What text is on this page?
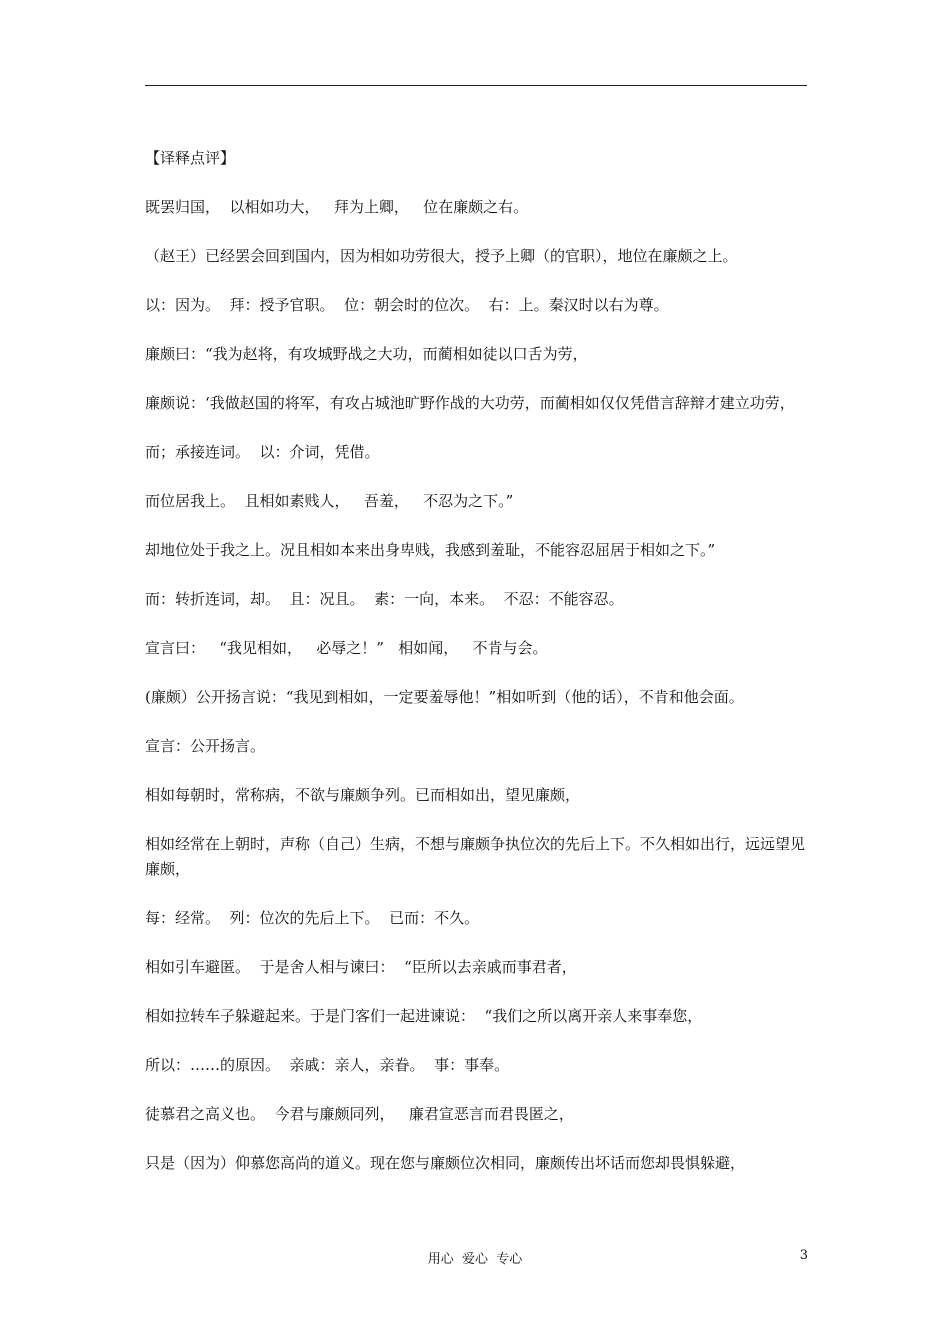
【译释点评】

既罢归国，  以相如功大，   拜为上卿，   位在廉颇之右。

（赵王）已经罢会回到国内，因为相如功劳很大，授予上卿（的官职），地位在廉颇之上。

以：因为。  拜：授予官职。  位：朝会时的位次。  右：上。秦汉时以右为尊。

廉颇曰：“我为赵将，有攻城野战之大功，而蔺相如徒以口舌为劳，

廉颇说：‘我做赵国的将军，有攻占城池旷野作战的大功劳，而蔺相如仅仅凭借言辞辩才建立功劳，

而；承接连词。  以：介词，凭借。

而位居我上。  且相如素贱人，   吾羞，   不忍为之下。”

却地位处于我之上。况且相如本来出身卑贱，我感到羞耻，不能容忍屈居于相如之下。”

而：转折连词，却。  且：况且。  素：一向，本来。  不忍：不能容忍。

宣言曰：   “我见相如，   必辱之！”   相如闻，   不肯与会。

(廉颇）公开扬言说：“我见到相如，一定要羞辱他！”相如听到（他的话），不肯和他会面。

宣言：公开扬言。

相如每朝时，常称病，不欲与廉颇争列。已而相如出，望见廉颇，

相如经常在上朝时，声称（自己）生病，不想与廉颇争执位次的先后上下。不久相如出行，远远望见廉颇，

每：经常。  列：位次的先后上下。  已而：不久。

相如引车避匿。  于是舍人相与谏曰：  “臣所以去亲戚而事君者，

相如拉转车子躲避起来。于是门客们一起进谏说：  “我们之所以离开亲人来事奉您，

所以：……的原因。  亲戚：亲人，亲眷。  事：事奉。

徒慕君之高义也。  今君与廉颇同列，   廉君宣恶言而君畏匿之，

只是（因为）仰慕您高尚的道义。现在您与廉颇位次相同，廉颇传出坏话而您却畏惧躲避，

用心  爱心  专心	3
